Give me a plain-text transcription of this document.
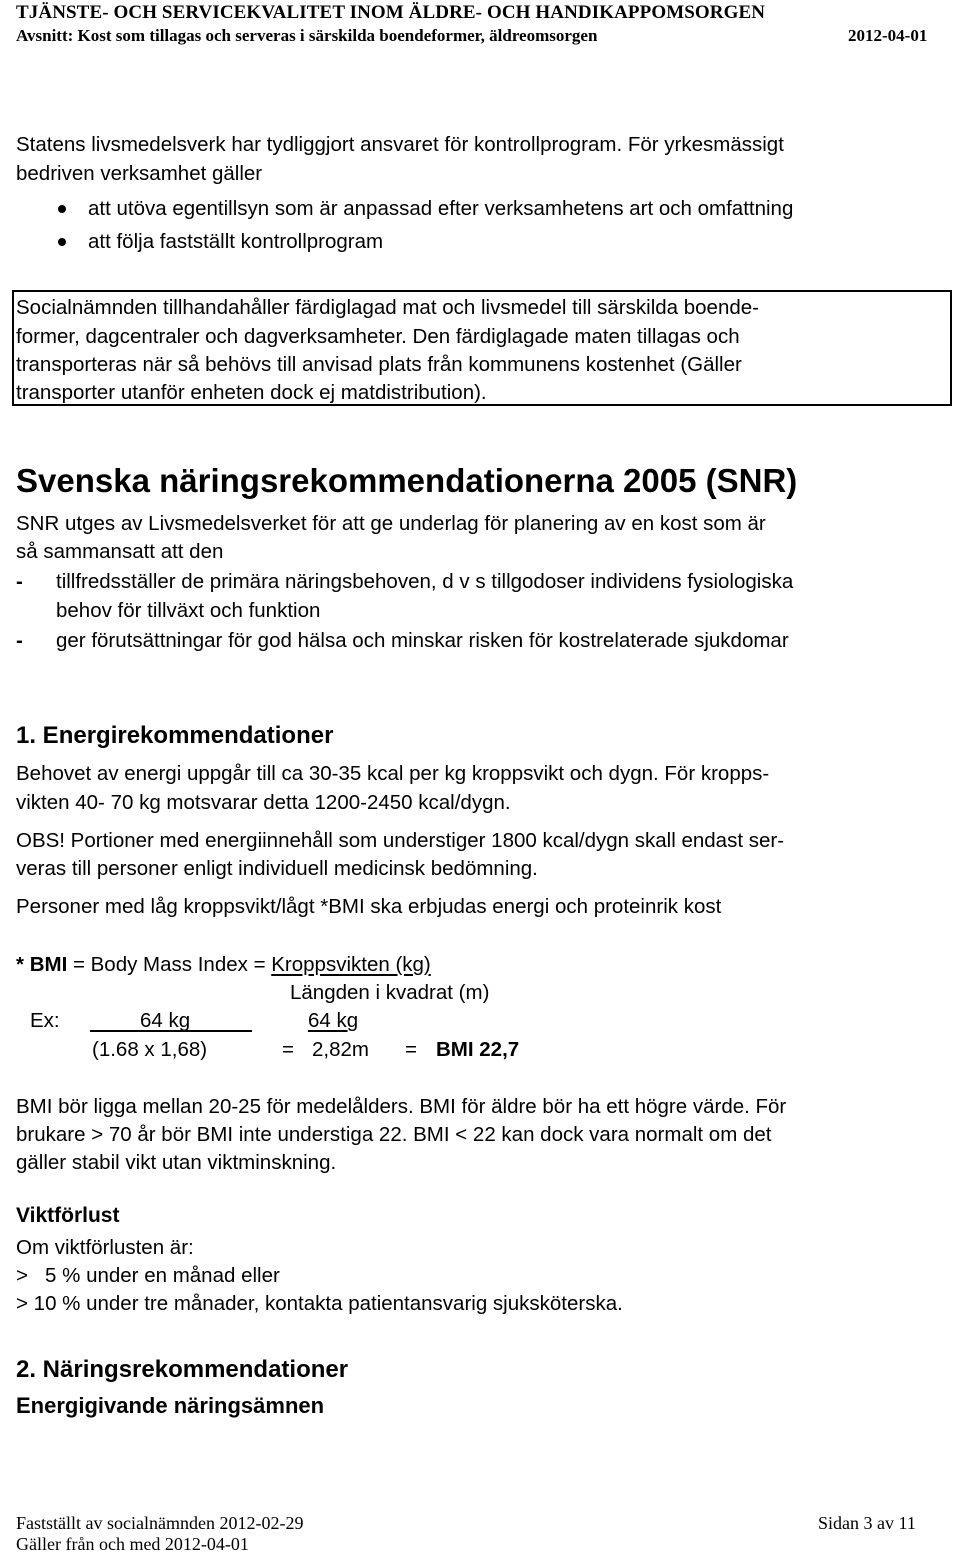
TJÄNSTE- OCH SERVICEKVALITET INOM ÄLDRE- OCH HANDIKAPPOMSORGEN
Avsnitt: Kost som tillagas och serveras i särskilda boendeformer, äldreomsorgen	2012-04-01
Statens livsmedelsverk har tydliggjort ansvaret för kontrollprogram. För yrkesmässigt
bedriven verksamhet gäller
att utöva egentillsyn som är anpassad efter verksamhetens art och omfattning
att följa fastställt kontrollprogram
Socialnämnden tillhandahåller färdiglagad mat och livsmedel till särskilda boende-
former, dagcentraler och dagverksamheter. Den färdiglagade maten tillagas och
transporteras när så behövs till anvisad plats från kommunens kostenhet (Gäller
transporter utanför enheten dock ej matdistribution).
Svenska näringsrekommendationerna 2005 (SNR)
SNR utges av Livsmedelsverket för att ge underlag för planering av en kost som är
så sammansatt att den
- tillfredsställer de primära näringsbehoven, d v s tillgodoser individens fysiologiska
behov för tillväxt och funktion
- ger förutsättningar för god hälsa och minskar risken för kostrelaterade sjukdomar
1. Energirekommendationer
Behovet av energi uppgår till ca 30-35 kcal per kg kroppsvikt och dygn. För kropps-
vikten 40- 70 kg motsvarar detta 1200-2450 kcal/dygn.
OBS! Portioner med energiinnehåll som understiger 1800 kcal/dygn skall endast ser-
veras till personer enligt individuell medicinsk bedömning.
Personer med låg kroppsvikt/lågt *BMI ska erbjudas energi och proteinrik kost
* BMI = Body Mass Index = Kroppsvikten (kg)
Längden i kvadrat (m)
Ex:	64 kg	64 kg
(1.68 x 1,68)	= 2,82m = BMI 22,7
BMI bör ligga mellan 20-25 för medelålders. BMI för äldre bör ha ett högre värde. För
brukare > 70 år bör BMI inte understiga 22. BMI < 22 kan dock vara normalt om det
gäller stabil vikt utan viktminskning.
Viktförlust
Om viktförlusten är:
>   5 % under en månad eller
> 10 % under tre månader, kontakta patientansvarig sjuksköterska.
2. Näringsrekommendationer
Energigivande näringsämnen
Fastställt av socialnämnden 2012-02-29
Gäller från och med 2012-04-01
Sidan 3 av 11
